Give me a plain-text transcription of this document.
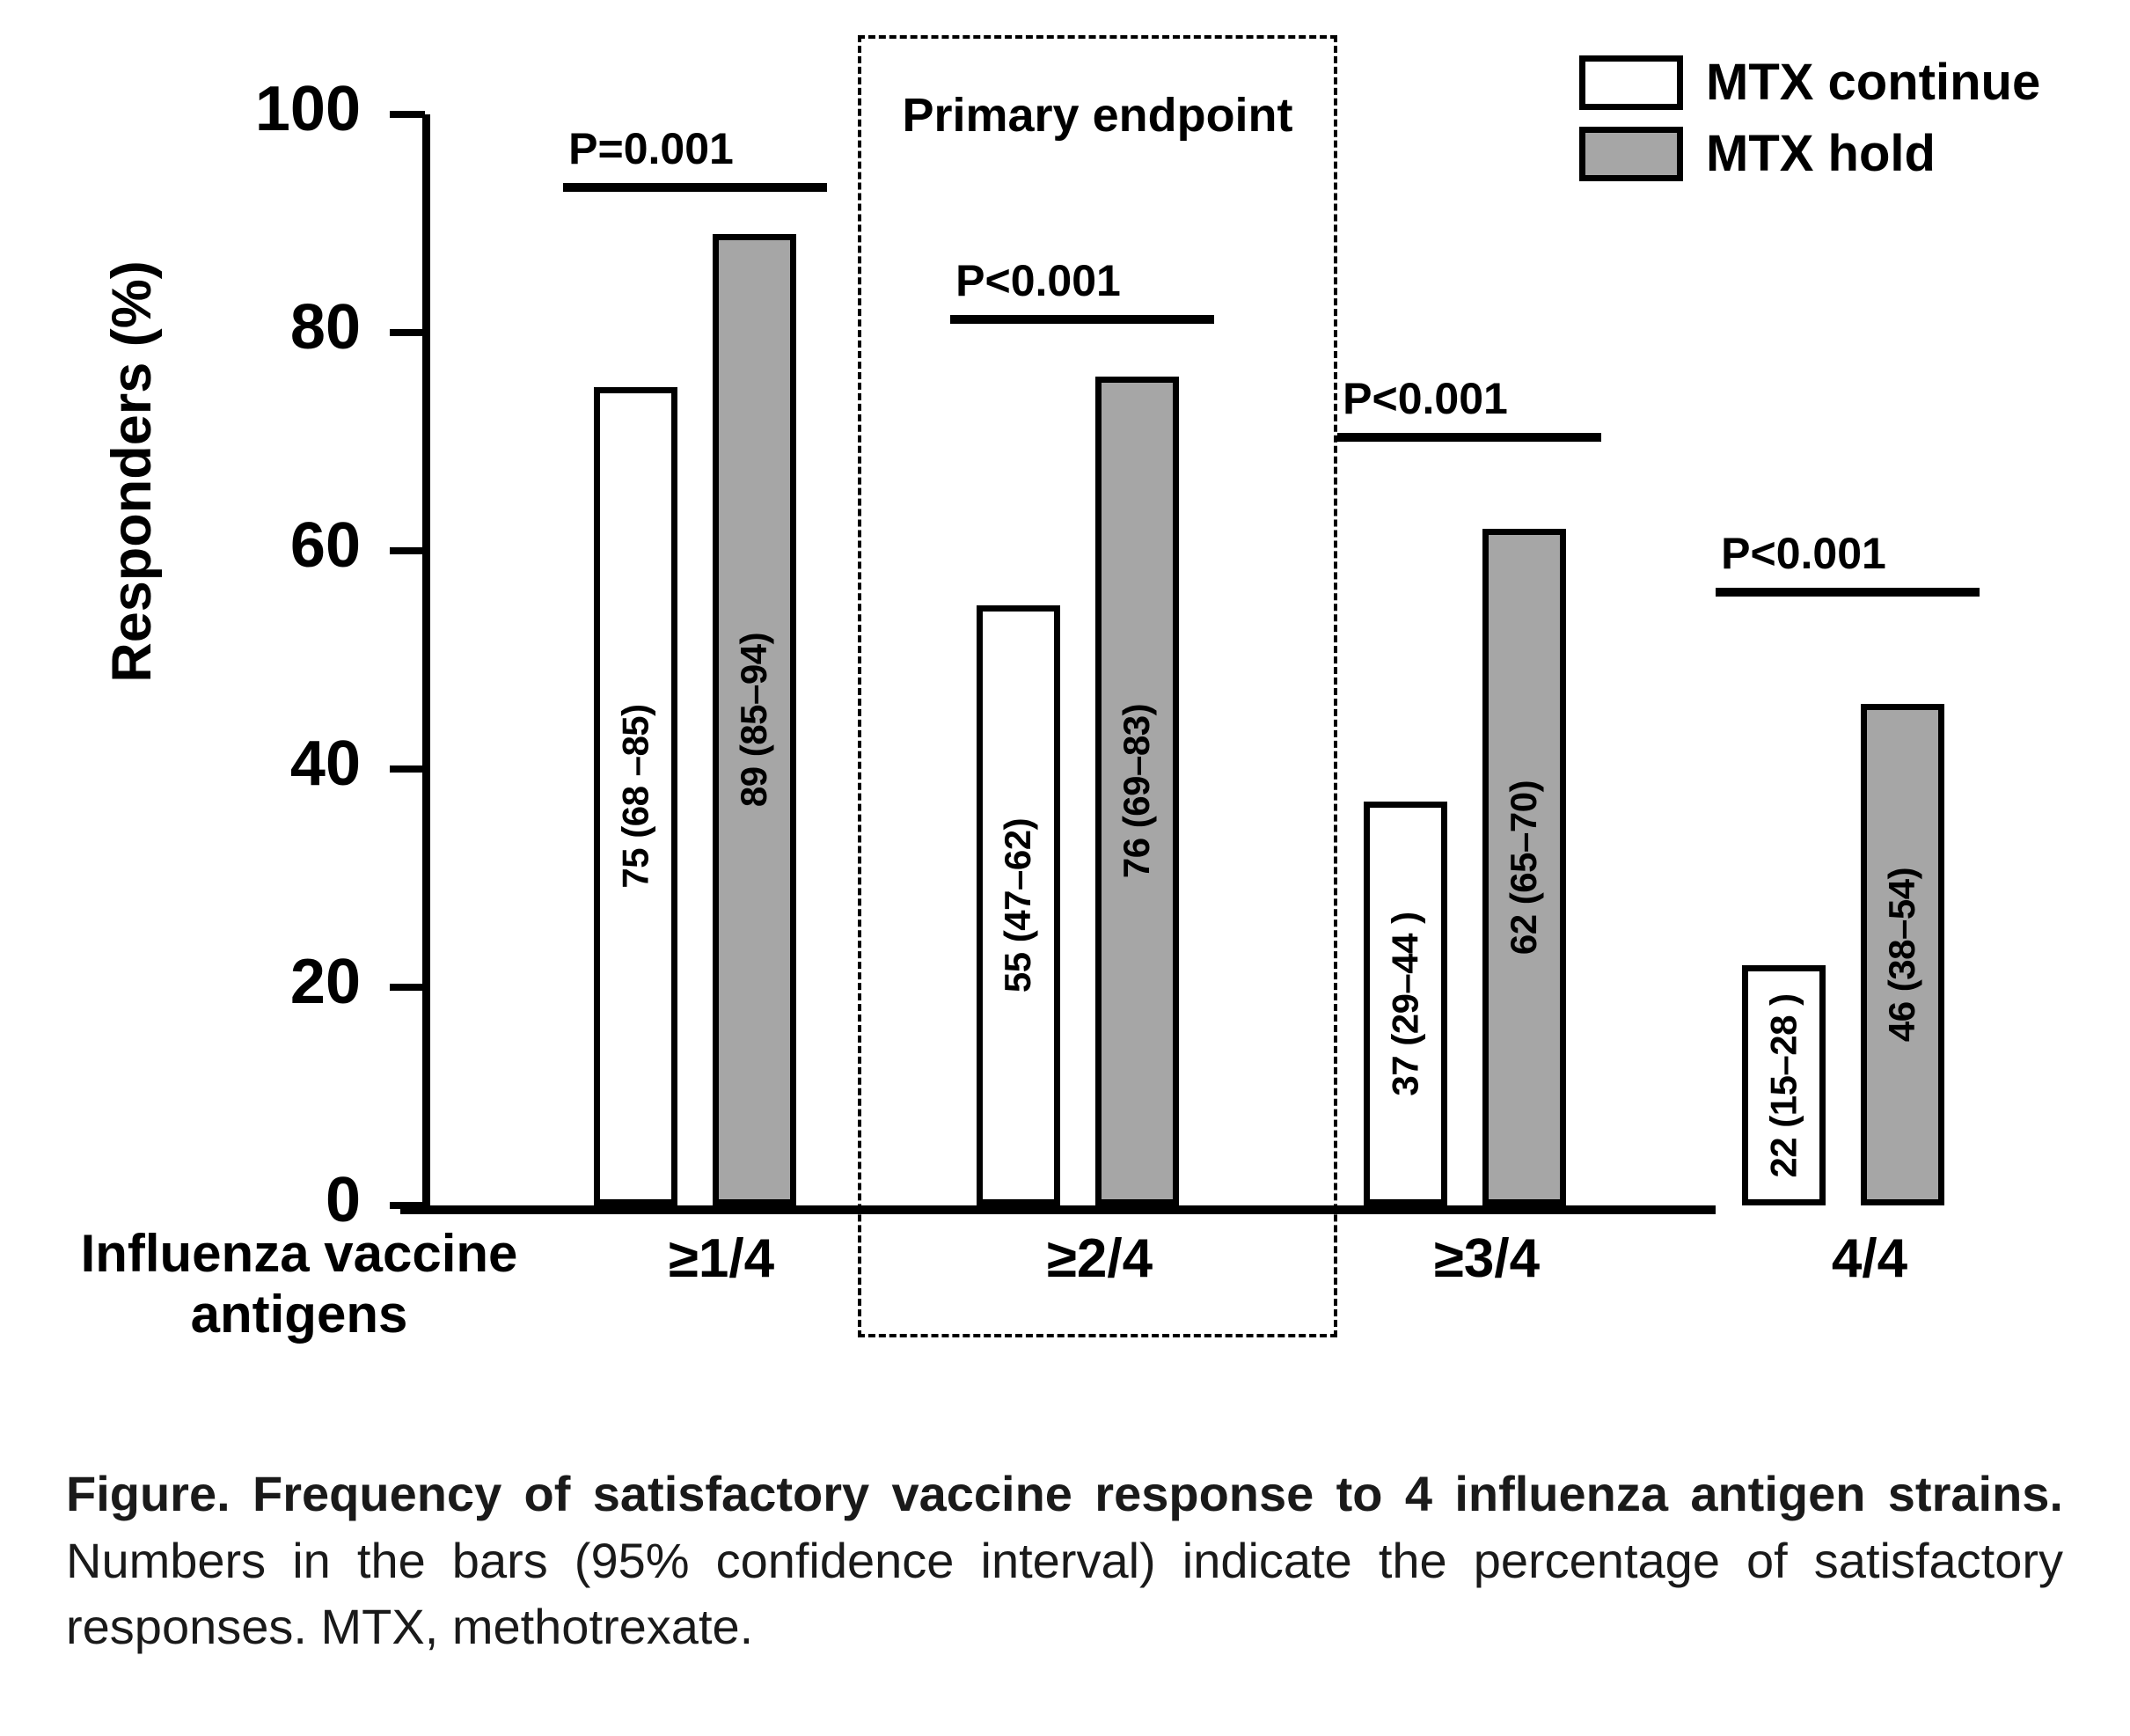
Primary endpoint
MTX continue
MTX hold
Responders (%)
0
20
40
60
80
100
75 (68 –85) 89 (85–94)
55 (47–62)
76 (69–83)
37 (29–44 )
62 (65–70)
22 (15–28 )
46 (38–54)
P=0.001
P<0.001
P<0.001
P<0.001
Influenza vaccine antigens
≥1/4	≥2/4	≥3/4	4/4
Figure. Frequency of satisfactory vaccine response to 4 influenza antigen strains. Numbers in the bars (95% confidence interval) indicate the percentage of satisfactory responses. MTX, methotrexate.
